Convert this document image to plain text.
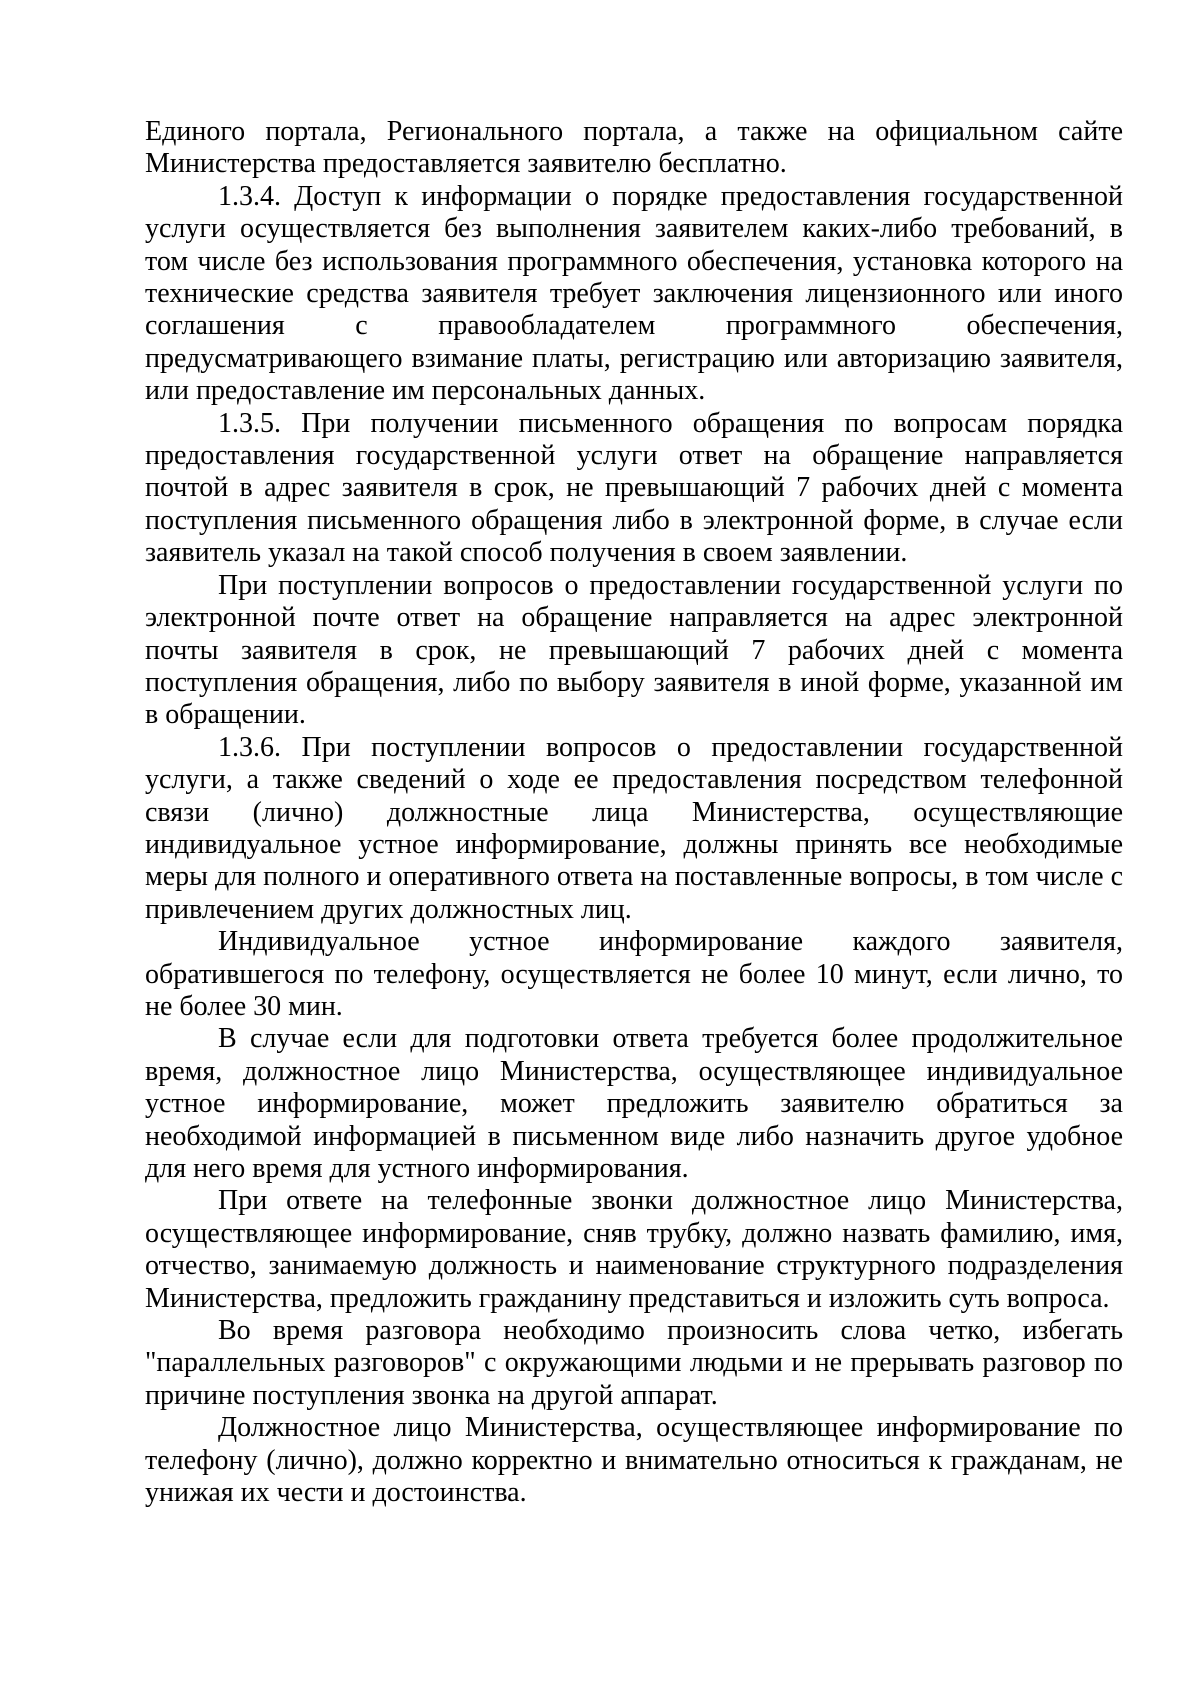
Единого портала, Регионального портала, а также на официальном сайте Министерства предоставляется заявителю бесплатно.

1.3.4. Доступ к информации о порядке предоставления государственной услуги осуществляется без выполнения заявителем каких-либо требований, в том числе без использования программного обеспечения, установка которого на технические средства заявителя требует заключения лицензионного или иного соглашения с правообладателем программного обеспечения, предусматривающего взимание платы, регистрацию или авторизацию заявителя, или предоставление им персональных данных.

1.3.5. При получении письменного обращения по вопросам порядка предоставления государственной услуги ответ на обращение направляется почтой в адрес заявителя в срок, не превышающий 7 рабочих дней с момента поступления письменного обращения либо в электронной форме, в случае если заявитель указал на такой способ получения в своем заявлении.

При поступлении вопросов о предоставлении государственной услуги по электронной почте ответ на обращение направляется на адрес электронной почты заявителя в срок, не превышающий 7 рабочих дней с момента поступления обращения, либо по выбору заявителя в иной форме, указанной им в обращении.

1.3.6. При поступлении вопросов о предоставлении государственной услуги, а также сведений о ходе ее предоставления посредством телефонной связи (лично) должностные лица Министерства, осуществляющие индивидуальное устное информирование, должны принять все необходимые меры для полного и оперативного ответа на поставленные вопросы, в том числе с привлечением других должностных лиц.

Индивидуальное устное информирование каждого заявителя, обратившегося по телефону, осуществляется не более 10 минут, если лично, то не более 30 мин.

В случае если для подготовки ответа требуется более продолжительное время, должностное лицо Министерства, осуществляющее индивидуальное устное информирование, может предложить заявителю обратиться за необходимой информацией в письменном виде либо назначить другое удобное для него время для устного информирования.

При ответе на телефонные звонки должностное лицо Министерства, осуществляющее информирование, сняв трубку, должно назвать фамилию, имя, отчество, занимаемую должность и наименование структурного подразделения Министерства, предложить гражданину представиться и изложить суть вопроса.

Во время разговора необходимо произносить слова четко, избегать "параллельных разговоров" с окружающими людьми и не прерывать разговор по причине поступления звонка на другой аппарат.

Должностное лицо Министерства, осуществляющее информирование по телефону (лично), должно корректно и внимательно относиться к гражданам, не унижая их чести и достоинства.
